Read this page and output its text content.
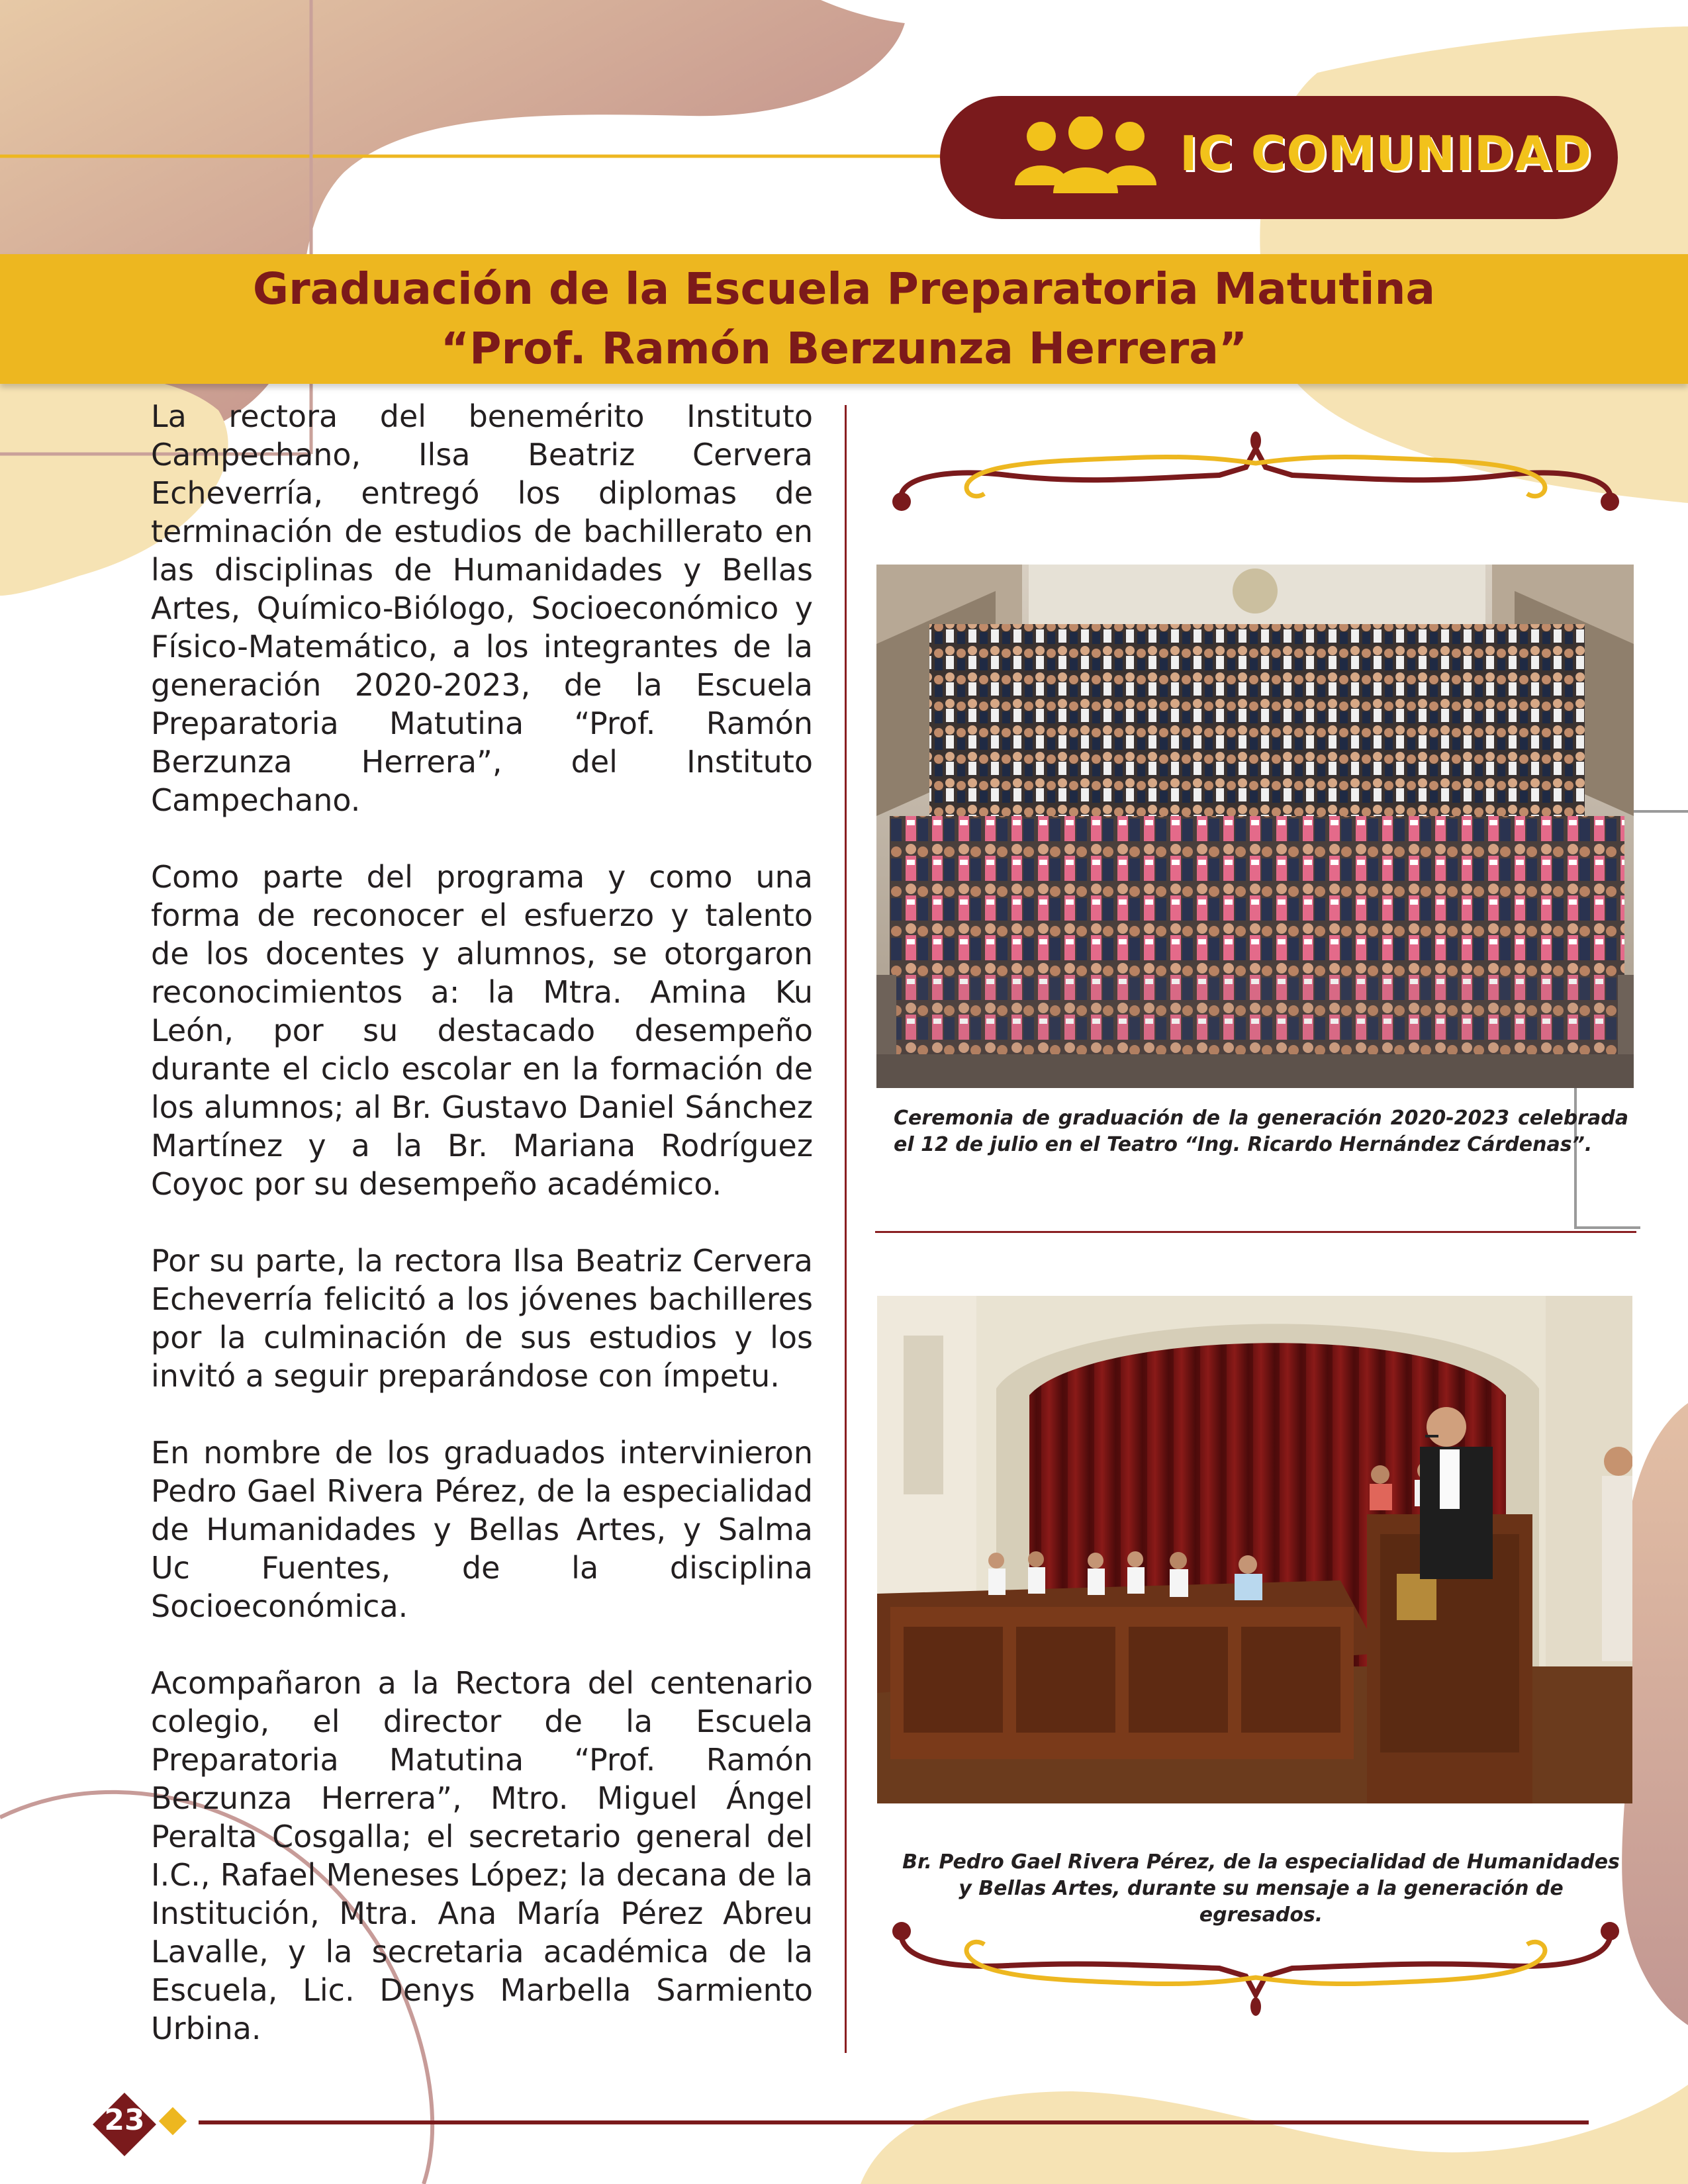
IC COMUNIDAD
Graduación de la Escuela Preparatoria Matutina
“Prof. Ramón Berzunza Herrera”

La rectora del benemérito Instituto Campechano, Ilsa Beatriz Cervera Echeverría, entregó los diplomas de terminación de estudios de bachillerato en las disciplinas de Humanidades y Bellas Artes, Químico-Biólogo, Socioeconómico y Físico-Matemático, a los integrantes de la generación 2020-2023, de la Escuela Preparatoria Matutina “Prof. Ramón Berzunza Herrera”, del Instituto Campechano.

Como parte del programa y como una forma de reconocer el esfuerzo y talento de los docentes y alumnos, se otorgaron reconocimientos a: la Mtra. Amina Ku León, por su destacado desempeño durante el ciclo escolar en la formación de los alumnos; al Br. Gustavo Daniel Sánchez Martínez y a la Br. Mariana Rodríguez Coyoc por su desempeño académico.

Por su parte, la rectora Ilsa Beatriz Cervera Echeverría felicitó a los jóvenes bachilleres por la culminación de sus estudios y los invitó a seguir preparándose con ímpetu.

En nombre de los graduados intervinieron Pedro Gael Rivera Pérez, de la especialidad de Humanidades y Bellas Artes, y Salma Uc Fuentes, de la disciplina Socioeconómica.

Acompañaron a la Rectora del centenario colegio, el director de la Escuela Preparatoria Matutina “Prof. Ramón Berzunza Herrera”, Mtro. Miguel Ángel Peralta Cosgalla; el secretario general del I.C., Rafael Meneses López; la decana de la Institución, Mtra. Ana María Pérez Abreu Lavalle, y la secretaria académica de la Escuela, Lic. Denys Marbella Sarmiento Urbina.

Ceremonia de graduación de la generación 2020-2023 celebrada el 12 de julio en el Teatro “Ing. Ricardo Hernández Cárdenas”.
Br. Pedro Gael Rivera Pérez, de la especialidad de Humanidades y Bellas Artes, durante su mensaje a la generación de egresados.
23
